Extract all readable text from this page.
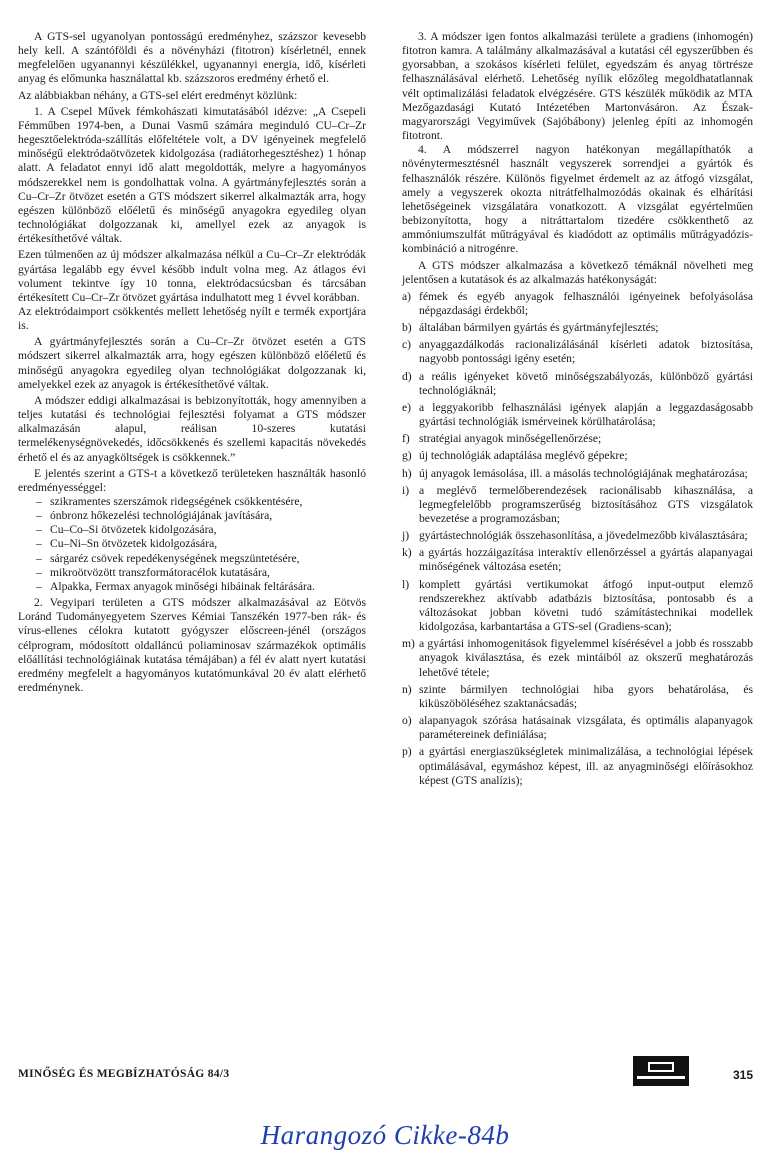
A GTS-sel ugyanolyan pontosságú eredményhez, százszor kevesebb hely kell. A szántóföldi és a növényházi (fitotron) kísérletnél, ennek megfelelően ugyanannyi készülékkel, ugyanannyi energia, idő, kísérleti anyag és előmunka használattal kb. százszoros eredmény érhető el.

Az alábbiakban néhány, a GTS-sel elért eredményt közlünk:

1. A Csepel Művek fémkohászati kimutatásából idézve: „A Csepeli Fémműben 1974-ben, a Dunai Vasmű számára meginduló CU–Cr–Zr hegesztőelektróda-szállítás előfeltétele volt, a DV igényeinek megfelelő minőségű elektródaötvözetek kidolgozása (radiátorhegesztéshez) 1 hónap alatt. A feladatot ennyi idő alatt megoldották, melyre a hagyományos módszerekkel nem is gondolhattak volna. A gyártmányfejlesztés során a Cu–Cr–Zr ötvözet esetén a GTS módszert sikerrel alkalmazták arra, hogy egészen különböző előéletű és minőségű anyagokra egyedileg olyan technológiákat dolgozzanak ki, amellyel ezek az anyagok is értékesíthetővé váltak.

Ezen túlmenően az új módszer alkalmazása nélkül a Cu–Cr–Zr elektródák gyártása legalább egy évvel később indult volna meg. Az átlagos évi volument tekintve így 10 tonna, elektródacsúcsban és tárcsában értékesített Cu–Cr–Zr ötvözet gyártása indulhatott meg 1 évvel korábban.

Az elektródaimport csökkentés mellett lehetőség nyílt e termék exportjára is.

A gyártmányfejlesztés során a Cu–Cr–Zr ötvözet esetén a GTS módszert sikerrel alkalmazták arra, hogy egészen különböző előéletű és minőségű anyagokra egyedileg olyan technológiákat dolgozzanak ki, amelyekkel ezek az anyagok is értékesíthetővé váltak.

A módszer eddigi alkalmazásai is bebizonyították, hogy amennyiben a teljes kutatási és technológiai fejlesztési folyamat a GTS módszer alkalmazásán alapul, reálisan 10-szeres kutatási termelékenységnövekedés, időcsökkenés és szellemi kapacitás növekedés érhető el és az anyagköltségek is csökkennek.”

E jelentés szerint a GTS-t a következő területeken használták hasonló eredményességgel:

– szikramentes szerszámok ridegségének csökkentésére,
– ónbronz hőkezelési technológiájának javítására,
– Cu–Co–Si ötvözetek kidolgozására,
– Cu–Ni–Sn ötvözetek kidolgozására,
– sárgaréz csövek repedékenységének megszüntetésére,
– mikroötvözött transzformátoracélok kutatására,
– Alpakka, Fermax anyagok minőségi hibáinak feltárására.

2. Vegyipari területen a GTS módszer alkalmazásával az Eötvös Loránd Tudományegyetem Szerves Kémiai Tanszékén 1977-ben rák- és vírus-ellenes célokra kutatott gyógyszer előscreen-jénél (országos célprogram, módosított oldalláncú poliaminosav származékok optimális előállítási technológiáinak kutatása témájában) a fél év alatt nyert kutatási eredmény megfelelt a hagyományos kutatómunkával 20 év alatt elérhető eredménynek.

3. A módszer igen fontos alkalmazási területe a gradiens (inhomogén) fitotron kamra. A találmány alkalmazásával a kutatási cél egyszerűbben és gyorsabban, a szokásos kísérleti felület, egyedszám és anyag törtrésze felhasználásával elérhető. Lehetőség nyílik előzőleg megoldhatatlannak vélt optimalizálási feladatok elvégzésére. GTS készülék működik az MTA Mezőgazdasági Kutató Intézetében Martonvásáron. Az Észak-magyarországi Vegyiművek (Sajóbábony) jelenleg építi az inhomogén fitotront.

4. A módszerrel nagyon hatékonyan megállapíthatók a növénytermesztésnél használt vegyszerek sorrendjei a gyártók és felhasználók részére. Különös figyelmet érdemelt az az átfogó vizsgálat, amely a vegyszerek okozta nitrátfelhalmozódás okainak és elhárítási lehetőségeinek vizsgálatára vonatkozott. A vizsgálat egyértelműen bebizonyította, hogy a nitráttartalom tizedére csökkenthető az ammóniumszulfát műtrágyával és kiadódott az optimális műtrágyadózis-kombináció a nitrogénre.

A GTS módszer alkalmazása a következő témáknál növelheti meg jelentősen a kutatások és az alkalmazás hatékonyságát:

a) fémek és egyéb anyagok felhasználói igényeinek befolyásolása népgazdasági érdekből;
b) általában bármilyen gyártás és gyártmányfejlesztés;
c) anyaggazdálkodás racionalizálásánál kísérleti adatok biztosítása, nagyobb pontossági igény esetén;
d) a reális igényeket követő minőségszabályozás, különböző gyártási technológiáknál;
e) a leggyakoribb felhasználási igények alapján a leggazdaságosabb gyártási technológiák ismérveinek körülhatárolása;
f) stratégiai anyagok minőségellenőrzése;
g) új technológiák adaptálása meglévő gépekre;
h) új anyagok lemásolása, ill. a másolás technológiájának meghatározása;
i) a meglévő termelőberendezések racionálisabb kihasználása, a legmegfelelőbb programszerűség biztosításához GTS vizsgálatok bevezetése a programozásban;
j) gyártástechnológiák összehasonlítása, a jövedelmezőbb kiválasztására;
k) a gyártás hozzáigazítása interaktív ellenőrzéssel a gyártás alapanyagai minőségének változása esetén;
l) komplett gyártási vertikumokat átfogó input-output elemző rendszerekhez aktívabb adatbázis biztosítása, pontosabb és a változásokat jobban követni tudó számítástechnikai modellek kidolgozása, karbantartása a GTS-sel (Gradiens-scan);
m) a gyártási inhomogenitások figyelemmel kísérésével a jobb és rosszabb anyagok kiválasztása, és ezek mintáiból az okszerű meghatározás lehetővé tétele;
n) szinte bármilyen technológiai hiba gyors behatárolása, és kiküszöböléséhez szaktanácsadás;
o) alapanyagok szórása hatásainak vizsgálata, és optimális alapanyagok paramétereinek definiálása;
p) a gyártási energiaszükségletek minimalizálása, a technológiai lépések optimálásával, egymáshoz képest, ill. az anyagminőségi előírásokhoz képest (GTS analízis);
MINŐSÉG ÉS MEGBÍZHATÓSÁG 84/3	315
Harangozó Cikke-84b
